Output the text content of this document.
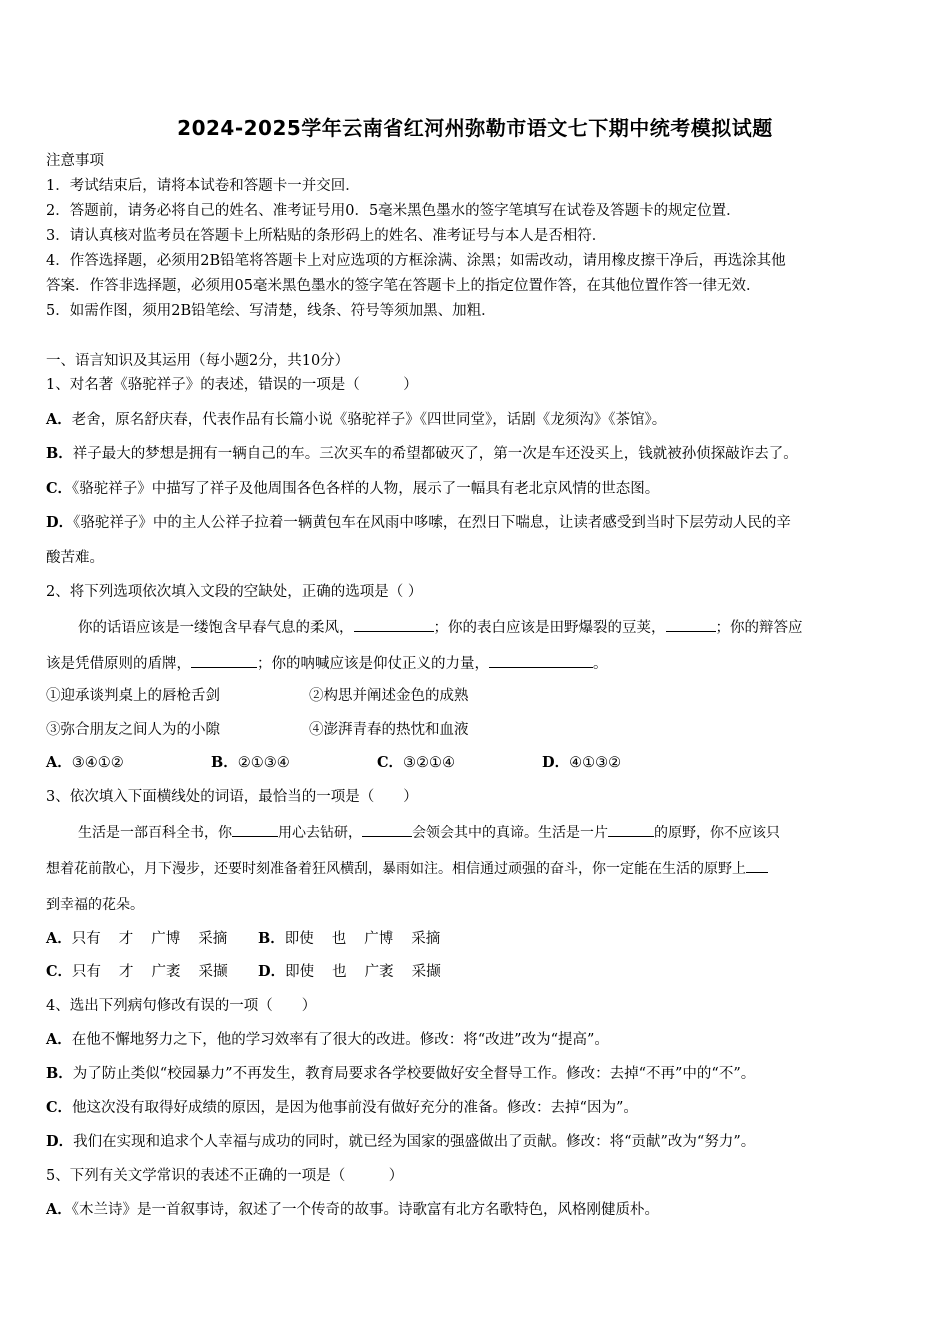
2024-2025学年云南省红河州弥勒市语文七下期中统考模拟试题
注意事项
1．考试结束后，请将本试卷和答题卡一并交回．
2．答题前，请务必将自己的姓名、准考证号用0．5毫米黑色墨水的签字笔填写在试卷及答题卡的规定位置．
3．请认真核对监考员在答题卡上所粘贴的条形码上的姓名、准考证号与本人是否相符．
4．作答选择题，必须用2B铅笔将答题卡上对应选项的方框涂满、涂黑；如需改动，请用橡皮擦干净后，再选涂其他
答案．作答非选择题，必须用05毫米黑色墨水的签字笔在答题卡上的指定位置作答，在其他位置作答一律无效．
5．如需作图，须用2B铅笔绘、写清楚，线条、符号等须加黑、加粗．
一、语言知识及其运用（每小题2分，共10分）
1、对名著《骆驼祥子》的表述，错误的一项是（　　　）
A．老舍，原名舒庆春，代表作品有长篇小说《骆驼祥子》《四世同堂》，话剧《龙须沟》《茶馆》。
B．祥子最大的梦想是拥有一辆自己的车。三次买车的希望都破灭了，第一次是车还没买上，钱就被孙侦探敲诈去了。
C．《骆驼祥子》中描写了祥子及他周围各色各样的人物，展示了一幅具有老北京风情的世态图。
D．《骆驼祥子》中的主人公祥子拉着一辆黄包车在风雨中哆嗦，在烈日下喘息，让读者感受到当时下层劳动人民的辛
酸苦难。
2、将下列选项依次填入文段的空缺处，正确的选项是（ ）
你的话语应该是一缕饱含早春气息的柔风，	；你的表白应该是田野爆裂的豆荚，	；你的辩答应
该是凭借原则的盾牌，	；你的呐喊应该是仰仗正义的力量，	。
①迎承谈判桌上的唇枪舌剑	②构思并阐述金色的成熟
③弥合朋友之间人为的小隙	④澎湃青春的热忱和血液
A．③④①②	B．②①③④	C．③②①④	D．④①③②
3、依次填入下面横线处的词语，最恰当的一项是（　　）
生活是一部百科全书，你	用心去钻研，	会领会其中的真谛。生活是一片	的原野，你不应该只
想着花前散心，月下漫步，还要时刻准备着狂风横刮，暴雨如注。相信通过顽强的奋斗，你一定能在生活的原野上
到幸福的花朵。
A．只有 才 广博 采摘 B．即使 也 广博 采摘
C．只有 才 广袤 采撷 D．即使 也 广袤 采撷
4、选出下列病句修改有误的一项（　　）
A．在他不懈地努力之下，他的学习效率有了很大的改进。修改：将“改进”改为“提高”。
B．为了防止类似“校园暴力”不再发生，教育局要求各学校要做好安全督导工作。修改：去掉“不再”中的“不”。
C．他这次没有取得好成绩的原因，是因为他事前没有做好充分的准备。修改：去掉“因为”。
D．我们在实现和追求个人幸福与成功的同时，就已经为国家的强盛做出了贡献。修改：将“贡献”改为“努力”。
5、下列有关文学常识的表述不正确的一项是（　　　）
A．《木兰诗》是一首叙事诗，叙述了一个传奇的故事。诗歌富有北方名歌特色，风格刚健质朴。
